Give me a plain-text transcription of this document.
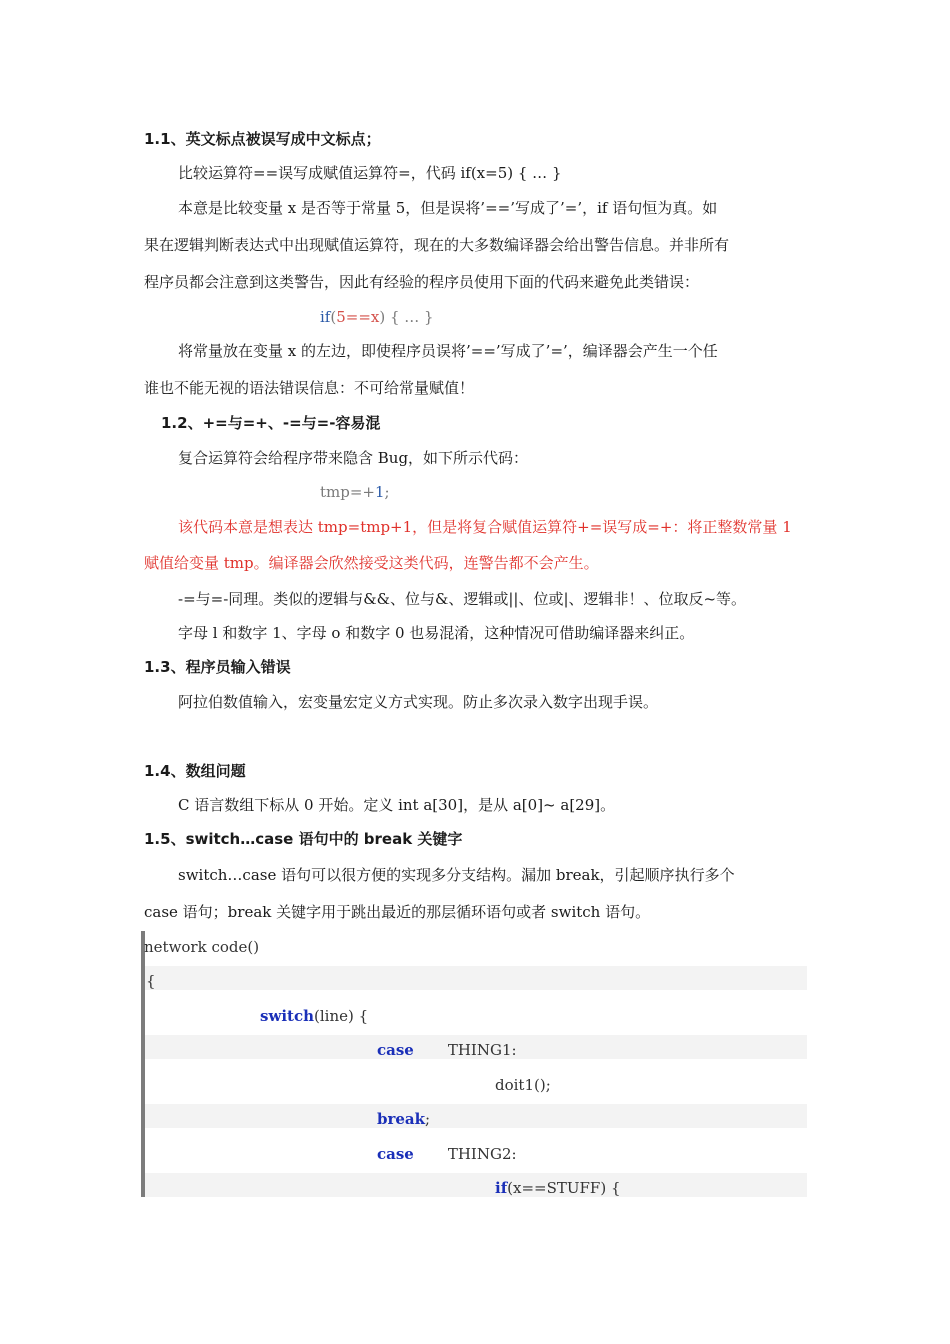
1.1、英文标点被误写成中文标点；
比较运算符==误写成赋值运算符=，代码 if(x=5) { … }
本意是比较变量 x 是否等于常量 5，但是误将’==’写成了’=’，if 语句恒为真。如
果在逻辑判断表达式中出现赋值运算符，现在的大多数编译器会给出警告信息。并非所有
程序员都会注意到这类警告，因此有经验的程序员使用下面的代码来避免此类错误：
if(5==x) { … }
将常量放在变量 x 的左边，即使程序员误将’==’写成了’=’，编译器会产生一个任
谁也不能无视的语法错误信息：不可给常量赋值！
1.2、+=与=+、-=与=-容易混
复合运算符会给程序带来隐含 Bug，如下所示代码：
tmp=+1;
该代码本意是想表达 tmp=tmp+1，但是将复合赋值运算符+=误写成=+：将正整数常量 1
赋值给变量 tmp。编译器会欣然接受这类代码，连警告都不会产生。
-=与=-同理。类似的逻辑与&&、位与&、逻辑或||、位或|、逻辑非！、位取反~等。
字母 l 和数字 1、字母 o 和数字 0 也易混淆，这种情况可借助编译器来纠正。
1.3、程序员输入错误
阿拉伯数值输入，宏变量宏定义方式实现。防止多次录入数字出现手误。
1.4、数组问题
C 语言数组下标从 0 开始。定义 int a[30]，是从 a[0]~ a[29]。
1.5、switch…case 语句中的 break 关键字
switch…case 语句可以很方便的实现多分支结构。漏加 break，引起顺序执行多个
case 语句；break 关键字用于跳出最近的那层循环语句或者 switch 语句。
network code()
{
switch(line) {
case THING1:
doit1();
break;
case THING2:
if(x==STUFF) {
